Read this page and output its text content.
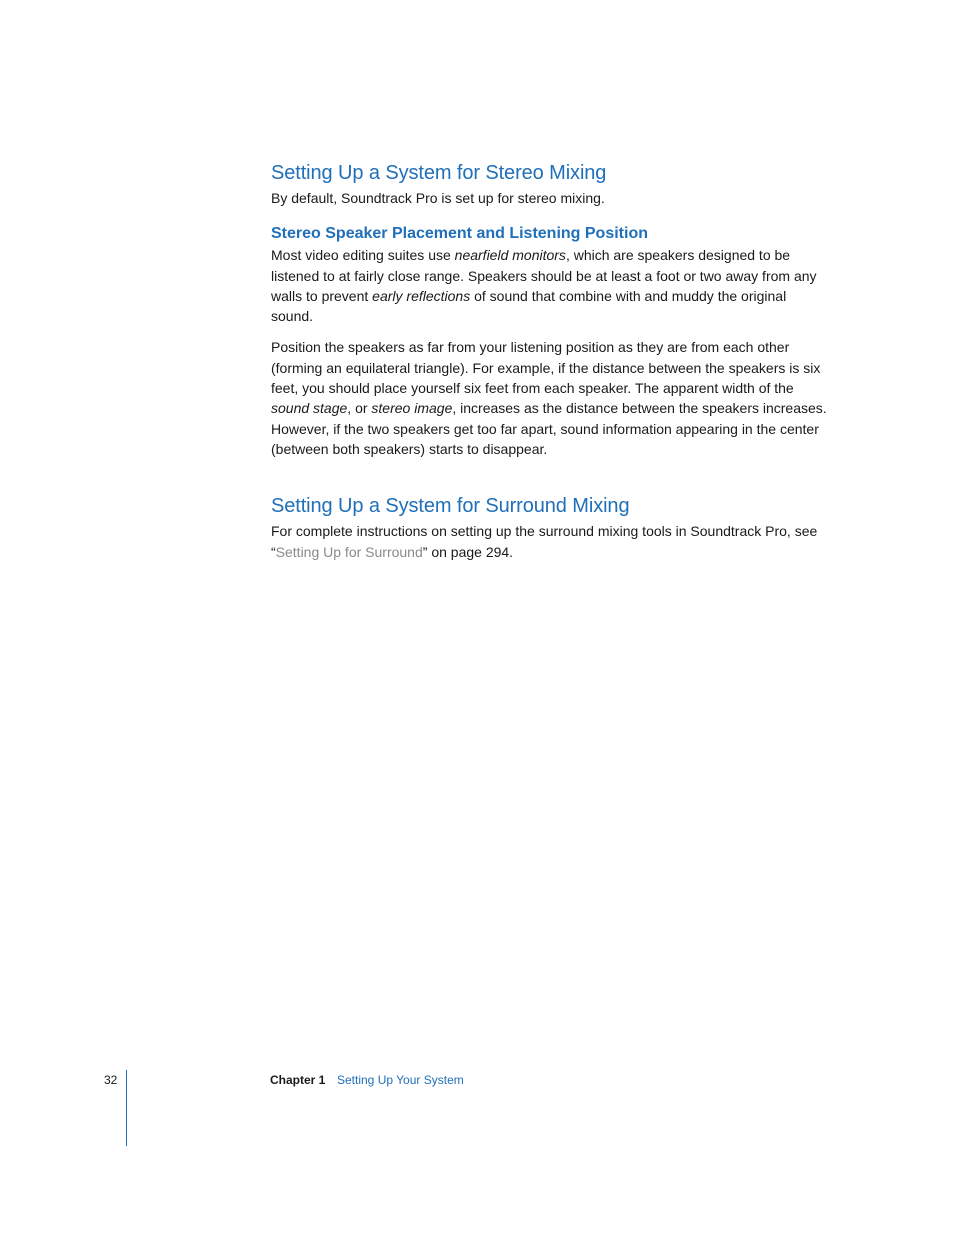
Setting Up a System for Stereo Mixing

By default, Soundtrack Pro is set up for stereo mixing.

Stereo Speaker Placement and Listening Position

Most video editing suites use nearfield monitors, which are speakers designed to be listened to at fairly close range. Speakers should be at least a foot or two away from any walls to prevent early reflections of sound that combine with and muddy the original sound.

Position the speakers as far from your listening position as they are from each other (forming an equilateral triangle). For example, if the distance between the speakers is six feet, you should place yourself six feet from each speaker. The apparent width of the sound stage, or stereo image, increases as the distance between the speakers increases. However, if the two speakers get too far apart, sound information appearing in the center (between both speakers) starts to disappear.

Setting Up a System for Surround Mixing

For complete instructions on setting up the surround mixing tools in Soundtrack Pro, see “Setting Up for Surround” on page 294.

32	Chapter 1 Setting Up Your System
